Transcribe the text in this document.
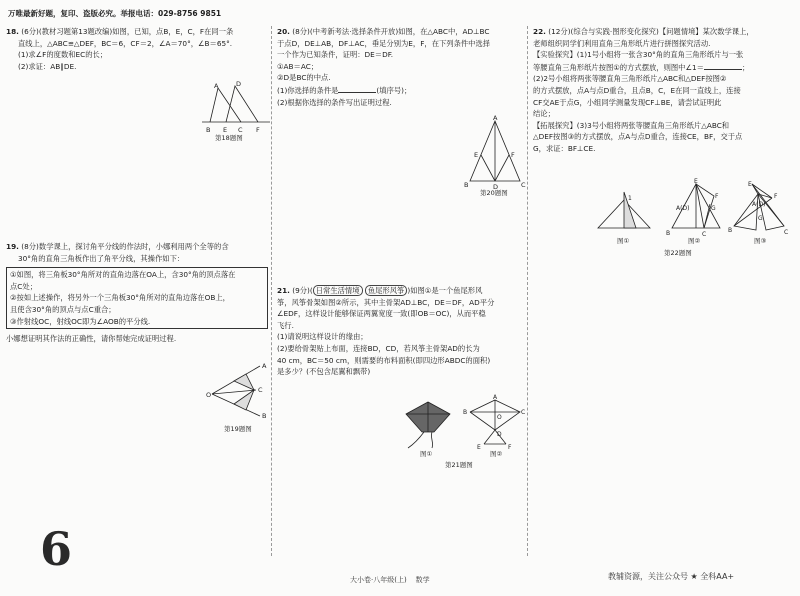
万唯最新好题，复印、盗版必究。举报电话：029-8756 9851

18. (6分)(教材习题第13题改编)如图，已知，点B，E，C，F在同一条

直线上，△ABC≌△DEF，BC＝6，CF＝2，∠A＝70°，∠B＝65°.

(1)求∠F的度数和EC的长；

(2)求证：AB∥DE.

A	D
B E C F
第18题图

19. (8分)数学课上，探讨角平分线的作法时，小娜利用两个全等的含

30°角的直角三角板作出了角平分线，其操作如下：

①如图，将三角板30°角所对的直角边落在OA上，含30°角的顶点落在

点C处；

②按如上述操作，将另外一个三角板30°角所对的直角边落在OB上，

且使含30°角的顶点与点C重合；

③作射线OC，射线OC即为∠AOB的平分线.

小娜想证明其作法的正确性，请你帮她完成证明过程.

O
A
B
C
第19题图
6

20. (8分)(中考新考法·选择条件开放)如图，在△ABC中，AD⊥BC

于点D，DE⊥AB，DF⊥AC，垂足分别为E，F，在下列条件中选择

一个作为已知条件，证明：DE＝DF.

①AB＝AC；

②D是BC的中点.

(1)你选择的条件是	(填序号)；

(2)根据你选择的条件写出证明过程.

A
E	F
B	D	C
第20题图

21. (9分)( 日常生活情境 鱼尾形风筝 )如图①是一个鱼尾形风

筝，风筝骨架如图②所示，其中主骨架AD⊥BC，DE＝DF，AD平分

∠EDF，这样设计能够保证两翼宽度一致(即OB＝OC)，从而平稳

飞行.

(1)请说明这样设计的缘由；

(2)要给骨架贴上布面，连接BD，CD，若风筝主骨架AD的长为

40 cm，BC＝50 cm，则需要的布料面积(即四边形ABDC的面积)

是多少？(不包含尾翼和飘带)

图①
A
B	C
O
D
E	F
图②
第21题图

22. (12分)(综合与实践·图形变化探究)【问题情境】某次数学课上，

老师组织同学们利用直角三角形纸片进行拼图探究活动.

【实验探究】(1)1号小组将一张含30°角的直角三角形纸片与一张

等腰直角三角形纸片按图①的方式摆放，则图中∠1＝	；

(2)2号小组将两张等腰直角三角形纸片△ABC和△DEF按图②

的方式摆放，点A与点D重合，且点B，C，E在同一直线上，连接

CF交AE于点G，小组同学测量发现CF⊥BE，请尝试证明此

结论；

【拓展探究】(3)3号小组将两张等腰直角三角形纸片△ABC和

△DEF按图③的方式摆放，点A与点D重合，连接CE，BF，交于点

G，求证：BF⊥CE.

1
图①
E
A(D)
F
G
B	C
图②
E
F
A(D)
G
B	C
图③
第22题图
大小卷·八年级(上) 数学	教辅资源，关注公众号 ★ 全科AA+
